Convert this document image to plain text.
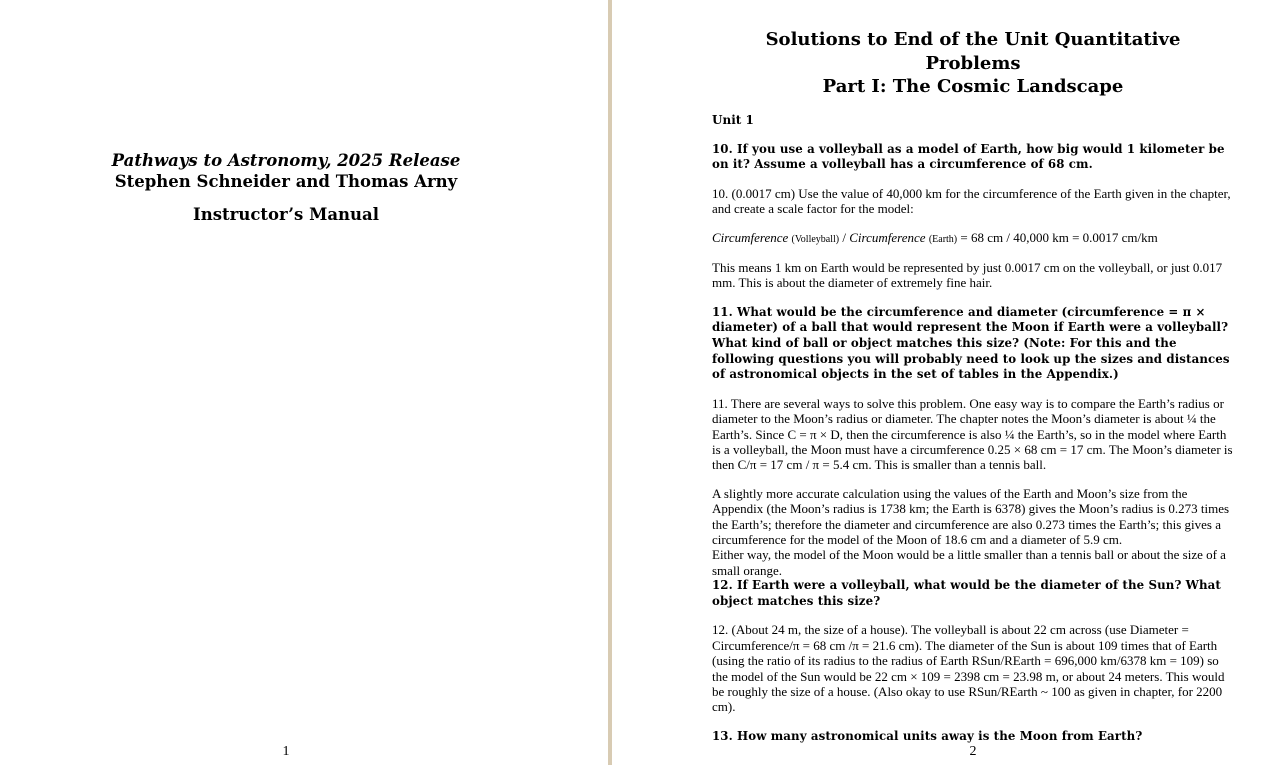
Pathways to Astronomy, 2025 Release
Stephen Schneider and Thomas Arny
Instructor’s Manual
1
Solutions to End of the Unit Quantitative
Problems
Part I: The Cosmic Landscape
Unit 1
10. If you use a volleyball as a model of Earth, how big would 1 kilometer be on it? Assume a volleyball has a circumference of 68 cm.
10. (0.0017 cm) Use the value of 40,000 km for the circumference of the Earth given in the chapter, and create a scale factor for the model:
Circumference (Volleyball) / Circumference (Earth) = 68 cm / 40,000 km = 0.0017 cm/km
This means 1 km on Earth would be represented by just 0.0017 cm on the volleyball, or just 0.017 mm. This is about the diameter of extremely fine hair.
11. What would be the circumference and diameter (circumference = π × diameter) of a ball that would represent the Moon if Earth were a volleyball? What kind of ball or object matches this size? (Note: For this and the following questions you will probably need to look up the sizes and distances of astronomical objects in the set of tables in the Appendix.)
11. There are several ways to solve this problem. One easy way is to compare the Earth’s radius or diameter to the Moon’s radius or diameter. The chapter notes the Moon’s diameter is about ¼ the Earth’s. Since C = π × D, then the circumference is also ¼ the Earth’s, so in the model where Earth is a volleyball, the Moon must have a circumference 0.25 × 68 cm = 17 cm. The Moon’s diameter is then C/π = 17 cm / π = 5.4 cm. This is smaller than a tennis ball.
A slightly more accurate calculation using the values of the Earth and Moon’s size from the Appendix (the Moon’s radius is 1738 km; the Earth is 6378) gives the Moon’s radius is 0.273 times the Earth’s; therefore the diameter and circumference are also 0.273 times the Earth’s; this gives a circumference for the model of the Moon of 18.6 cm and a diameter of 5.9 cm.
Either way, the model of the Moon would be a little smaller than a tennis ball or about the size of a small orange.
12. If Earth were a volleyball, what would be the diameter of the Sun? What object matches this size?
12. (About 24 m, the size of a house). The volleyball is about 22 cm across (use Diameter = Circumference/π = 68 cm /π = 21.6 cm). The diameter of the Sun is about 109 times that of Earth (using the ratio of its radius to the radius of Earth RSun/REarth = 696,000 km/6378 km = 109) so the model of the Sun would be 22 cm × 109 = 2398 cm = 23.98 m, or about 24 meters. This would be roughly the size of a house. (Also okay to use RSun/REarth ~ 100 as given in chapter, for 2200 cm).
13. How many astronomical units away is the Moon from Earth?
2
